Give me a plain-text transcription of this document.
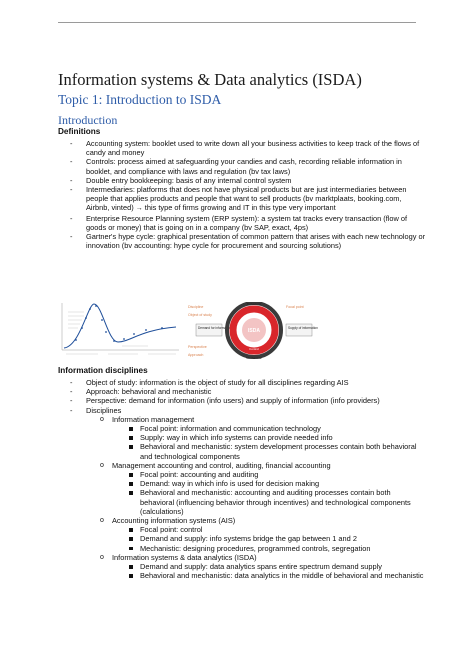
Information systems & Data analytics (ISDA)
Topic 1: Introduction to ISDA
Introduction
Definitions
- Accounting system: booklet used to write down all your business activities to keep track of the flows of candy and money
- Controls: process aimed at safeguarding your candies and cash, recording reliable information in booklet, and compliance with laws and regulation (bv tax laws)
- Double entry bookkeeping: basis of any internal control system
- Intermediaries: platforms that does not have physical products but are just intermediaries between people that applies products and people that want to sell products (bv marktplaats, booking.com, Airbnb, vinted) → this type of firms growing and IT in this type very important
- Enterprise Resource Planning system (ERP system): a system tat tracks every transaction (flow of goods or money) that is going on in a company (bv SAP, exact, 4ps)
- Gartner's hype cycle: graphical presentation of common pattern that arises with each new technology or innovation (bv accounting: hype cycle for procurement and sourcing solutions)
Discipline	Focal point
Object of study
Perspective
Approach
Demand for information	Supply of information
ISDA
Behavioral
Mechanistic
Control
Information disciplines
- Object of study: information is the object of study for all disciplines regarding AIS
- Approach: behavioral and mechanistic
- Perspective: demand for information (info users) and supply of information (info providers)
- Disciplines
o Information management
Focal point: information and communication technology
Supply: way in which info systems can provide needed info
Behavioral and mechanistic: system development processes contain both behavioral and technological components
o Management accounting and control, auditing, financial accounting
Focal point: accounting and auditing
Demand: way in which info is used for decision making
Behavioral and mechanistic: accounting and auditing processes contain both behavioral (influencing behavior through incentives) and technological components (calculations)
o Accounting information systems (AIS)
Focal point: control
Demand and supply: info systems bridge the gap between 1 and 2
Mechanistic: designing procedures, programmed controls, segregation
o Information systems & data analytics (ISDA)
Demand and supply: data analytics spans entire spectrum demand supply
Behavioral and mechanistic: data analytics in the middle of behavioral and mechanistic
